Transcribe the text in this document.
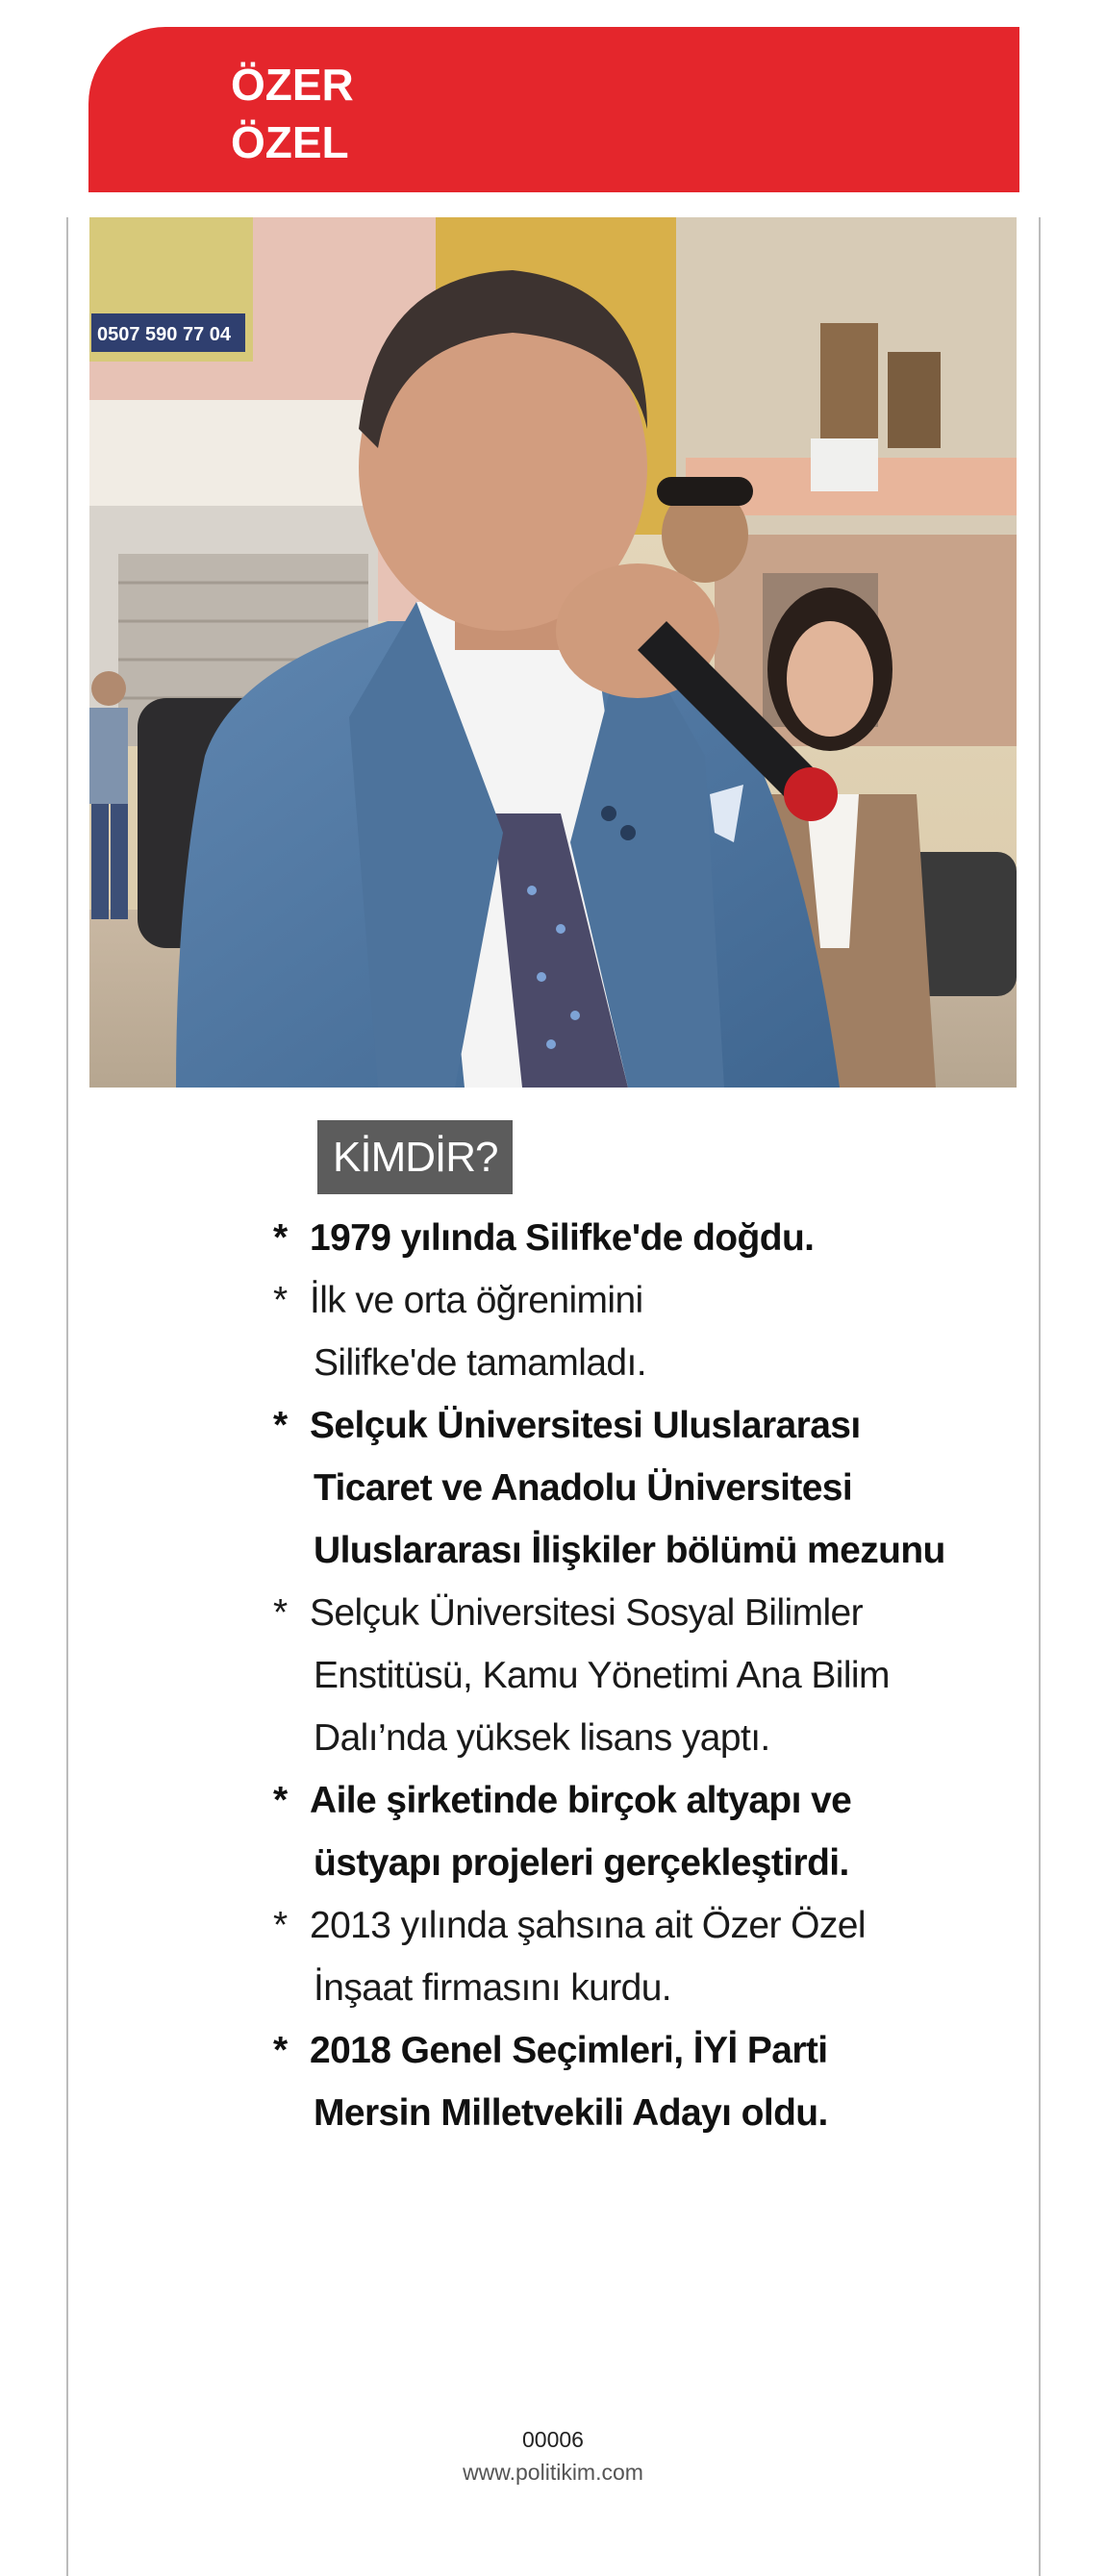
ÖZER
ÖZEL
0507 590 77 04
KİMDİR?
* 1979 yılında Silifke'de doğdu.
* İlk ve orta öğrenimini
Silifke'de tamamladı.
* Selçuk Üniversitesi Uluslararası
Ticaret ve Anadolu Üniversitesi
Uluslararası İlişkiler bölümü mezunu
* Selçuk Üniversitesi Sosyal Bilimler
Enstitüsü, Kamu Yönetimi Ana Bilim
Dalı’nda yüksek lisans yaptı.
* Aile şirketinde birçok altyapı ve
üstyapı projeleri gerçekleştirdi.
* 2013 yılında şahsına ait Özer Özel
İnşaat firmasını kurdu.
* 2018 Genel Seçimleri, İYİ Parti
Mersin Milletvekili Adayı oldu.
00006
www.politikim.com
